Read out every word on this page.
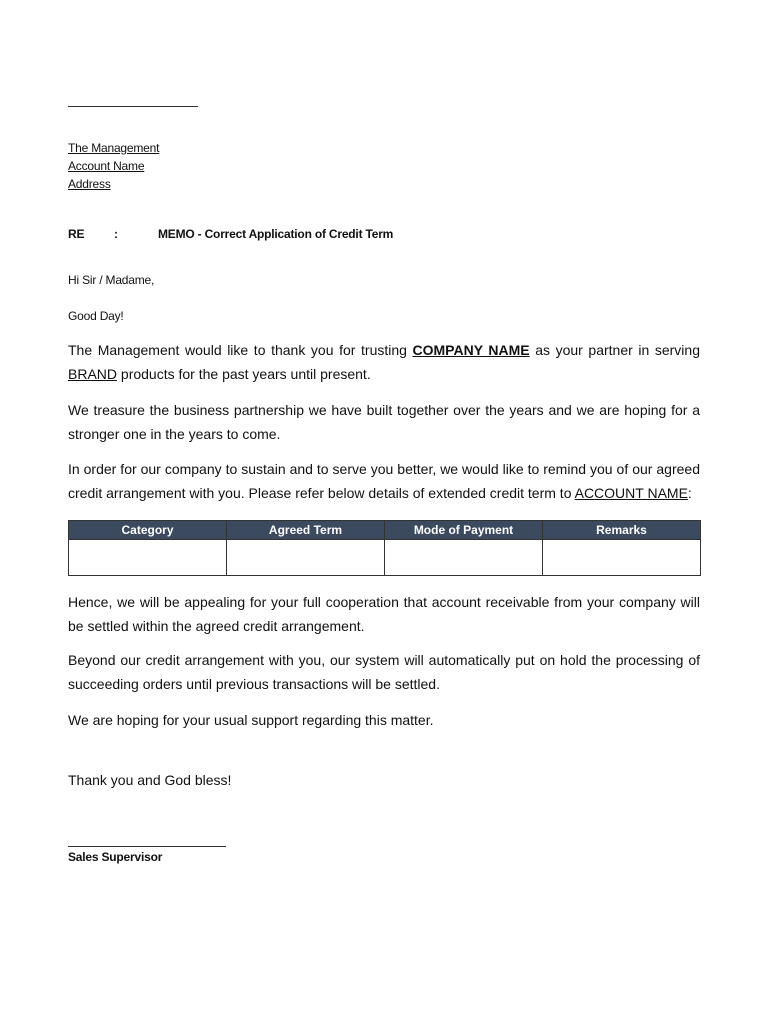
The Management
Account Name
Address
RE :	MEMO - Correct Application of Credit Term
Hi Sir / Madame,
Good Day!
The Management would like to thank you for trusting COMPANY NAME as your partner in serving BRAND products for the past years until present.
We treasure the business partnership we have built together over the years and we are hoping for a stronger one in the years to come.
In order for our company to sustain and to serve you better, we would like to remind you of our agreed credit arrangement with you. Please refer below details of extended credit term to ACCOUNT NAME:
Category	Agreed Term	Mode of Payment	Remarks

Hence, we will be appealing for your full cooperation that account receivable from your company will be settled within the agreed credit arrangement.
Beyond our credit arrangement with you, our system will automatically put on hold the processing of succeeding orders until previous transactions will be settled.
We are hoping for your usual support regarding this matter.
Thank you and God bless!
Sales Supervisor
